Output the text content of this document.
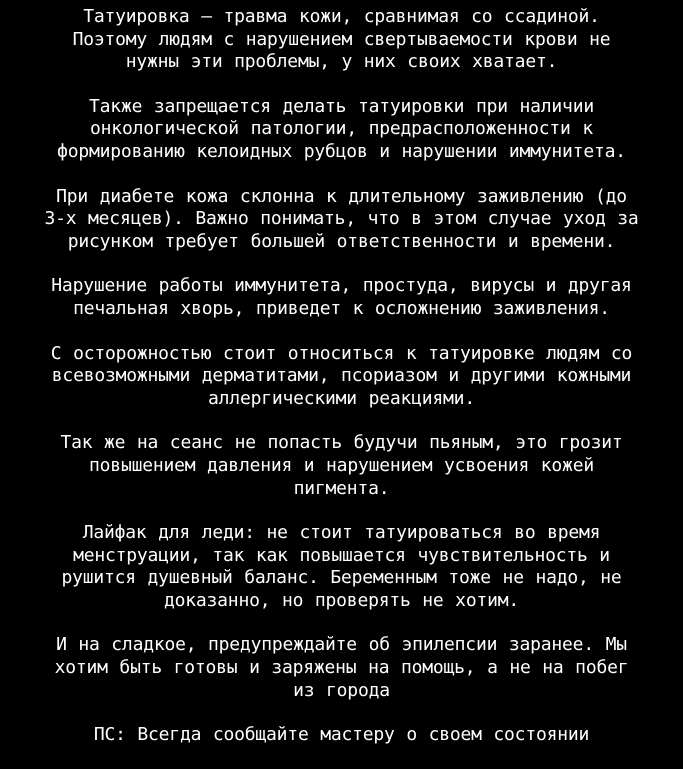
Татуировка — травма кожи, сравнимая со ссадиной.
Поэтому людям с нарушением свертываемости крови не
нужны эти проблемы, у них своих хватает.

Также запрещается делать татуировки при наличии
онкологической патологии, предрасположенности к
формированию келоидных рубцов и нарушении иммунитета.

При диабете кожа склонна к длительному заживлению (до
3-х месяцев). Важно понимать, что в этом случае уход за
рисунком требует большей ответственности и времени.

Нарушение работы иммунитета, простуда, вирусы и другая
печальная хворь, приведет к осложнению заживления.

С осторожностью стоит относиться к татуировке людям со
всевозможными дерматитами, псориазом и другими кожными
аллергическими реакциями.

Так же на сеанс не попасть будучи пьяным, это грозит
повышением давления и нарушением усвоения кожей
пигмента.

Лайфак для леди: не стоит татуироваться во время
менструации, так как повышается чувствительность и
рушится душевный баланс. Беременным тоже не надо, не
доказанно, но проверять не хотим.

И на сладкое, предупреждайте об эпилепсии заранее. Мы
хотим быть готовы и заряжены на помощь, а не на побег
из города

ПС: Всегда сообщайте мастеру о своем состоянии
